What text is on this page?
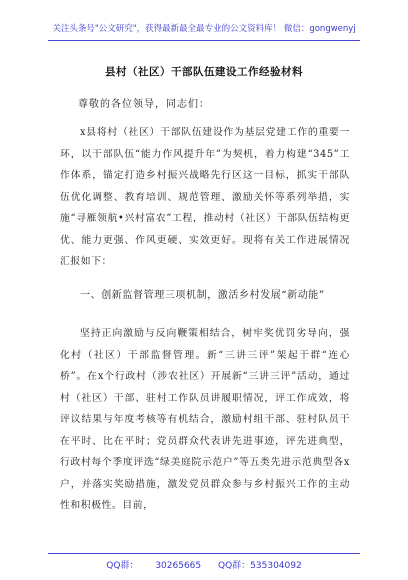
关注头条号"公文研究"，获得最新最全最专业的公文资料库！ 微信：gongwenyj
县村（社区）干部队伍建设工作经验材料
尊敬的各位领导，同志们：
x县将村（社区）干部队伍建设作为基层党建工作的重要一环，以干部队伍“能力作风提升年”为契机，着力构建“345”工作体系，锚定打造乡村振兴战略先行区这一目标，抓实干部队伍优化调整、教育培训、规范管理、激励关怀等系列举措，实施“寻雁领航•兴村富农”工程，推动村（社区）干部队伍结构更优、能力更强、作风更硬、实效更好。现将有关工作进展情况汇报如下：
一、创新监督管理三项机制，激活乡村发展“新动能”
坚持正向激励与反向鞭策相结合，树牢奖优罚劣导向，强化村（社区）干部监督管理。新“三讲三评”架起干群“连心桥”。在x个行政村（涉农社区）开展新“三讲三评”活动，通过村（社区）干部、驻村工作队员讲履职情况，评工作成效，将评议结果与年度考核等有机结合，激励村组干部、驻村队员干在平时、比在平时；党员群众代表讲先进事迹，评先进典型，行政村每个季度评选“绿美庭院示范户”等五类先进示范典型各x户，并落实奖励措施，激发党员群众参与乡村振兴工作的主动性和积极性。目前，
QQ群： 30265665 QQ群：535304092
